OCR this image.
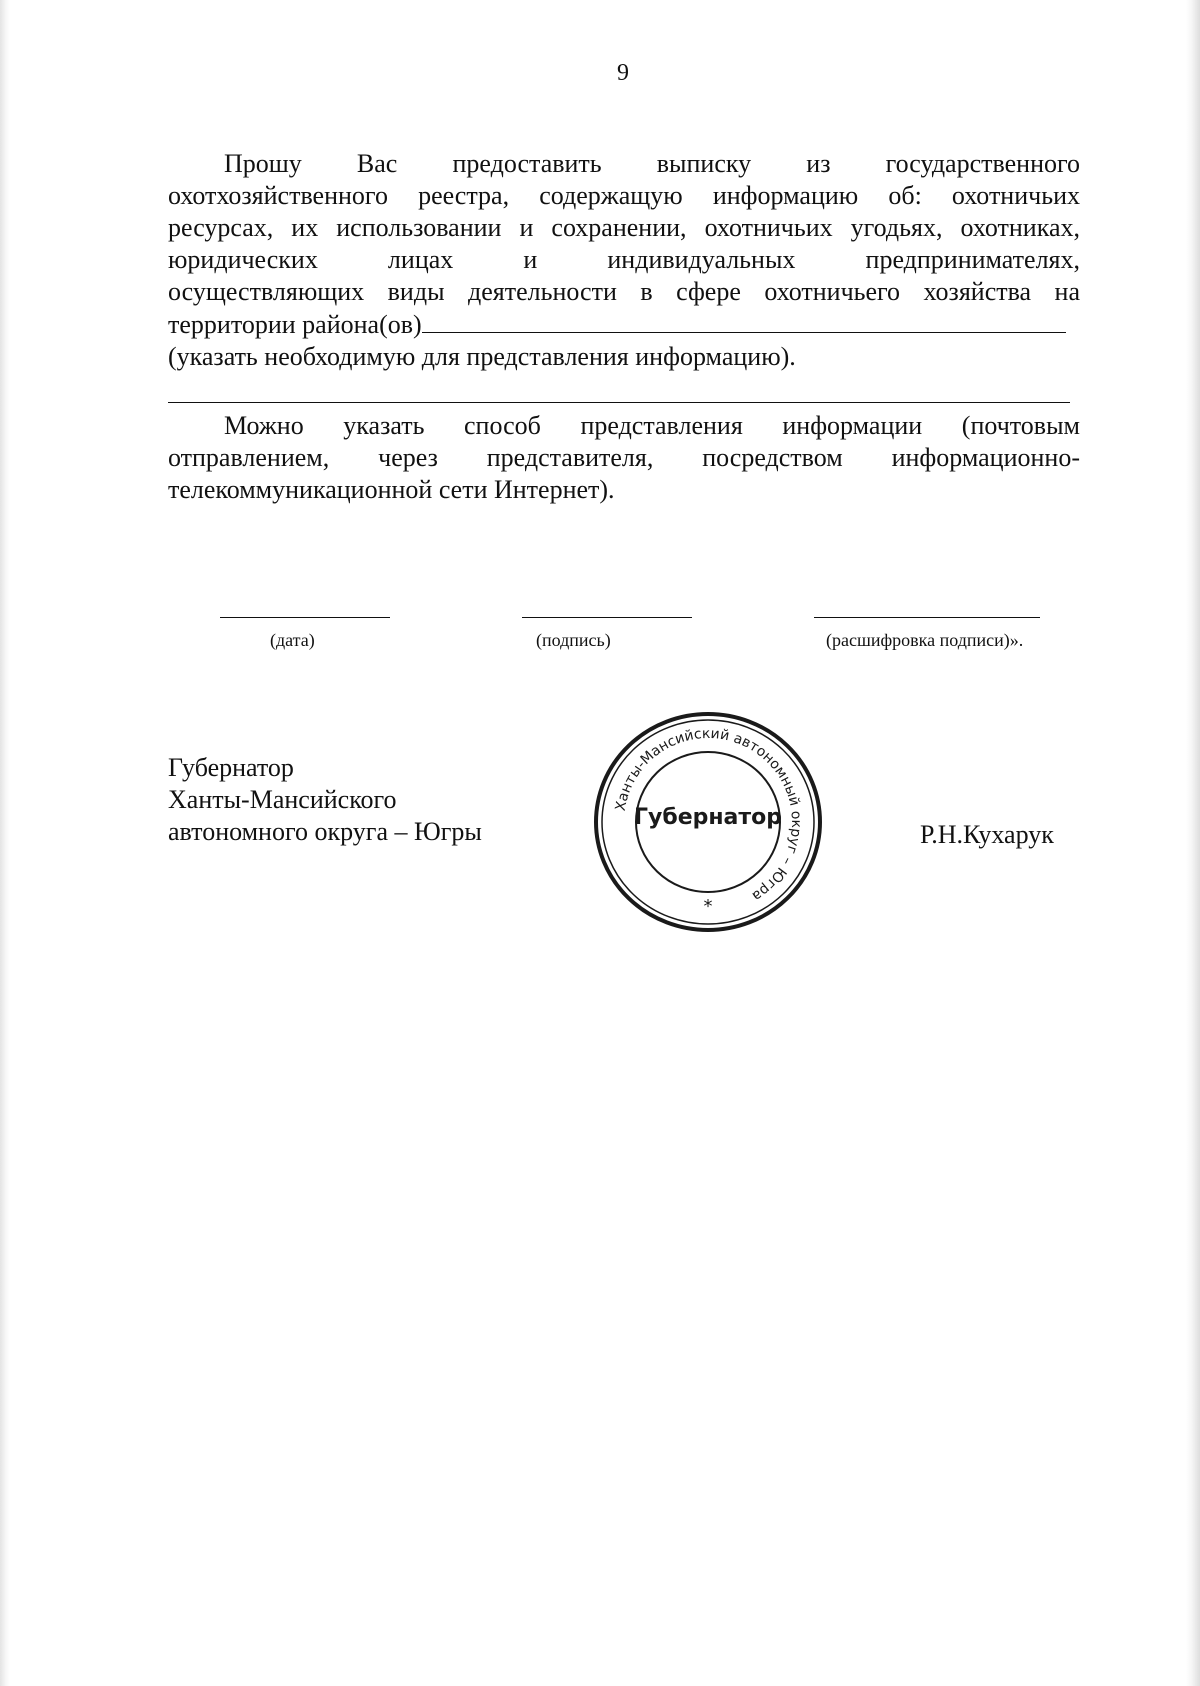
9
Прошу Вас предоставить выписку из государственного
охотхозяйственного реестра, содержащую информацию об: охотничьих
ресурсах, их использовании и сохранении, охотничьих угодьях, охотниках,
юридических лицах и индивидуальных предпринимателях,
осуществляющих виды деятельности в сфере охотничьего хозяйства на
территории района(ов)
(указать необходимую для представления информацию).
Можно указать способ представления информации (почтовым
отправлением, через представителя, посредством информационно-
телекоммуникационной сети Интернет).
(дата)	(подпись)	(расшифровка подписи)».
Губернатор
Ханты-Мансийского
автономного округа – Югры
Ханты-Мансийский автономный округ – Югра
Губернатор
*
Р.Н.Кухарук
